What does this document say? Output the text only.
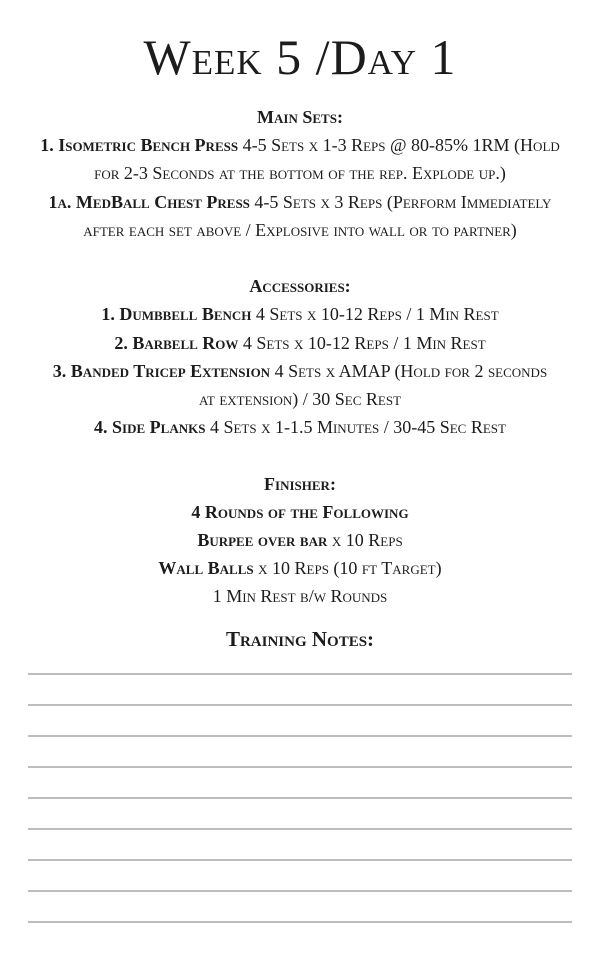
Week 5 /Day 1
Main Sets:
1. Isometric Bench Press 4-5 Sets x 1-3 Reps @ 80-85% 1RM (Hold
for 2-3 Seconds at the bottom of the rep. Explode up.)
1a. MedBall Chest Press 4-5 Sets x 3 Reps (Perform Immediately
after each set above / Explosive into wall or to partner)
Accessories:
1. Dumbbell Bench 4 Sets x 10-12 Reps / 1 Min Rest
2. Barbell Row 4 Sets x 10-12 Reps / 1 Min Rest
3. Banded Tricep Extension 4 Sets x AMAP (Hold for 2 seconds
at extension) / 30 Sec Rest
4. Side Planks 4 Sets x 1-1.5 Minutes / 30-45 Sec Rest
Finisher:
4 Rounds of the Following
Burpee over bar x 10 Reps
Wall Balls x 10 Reps (10 ft Target)
1 Min Rest b/w Rounds
Training Notes:
